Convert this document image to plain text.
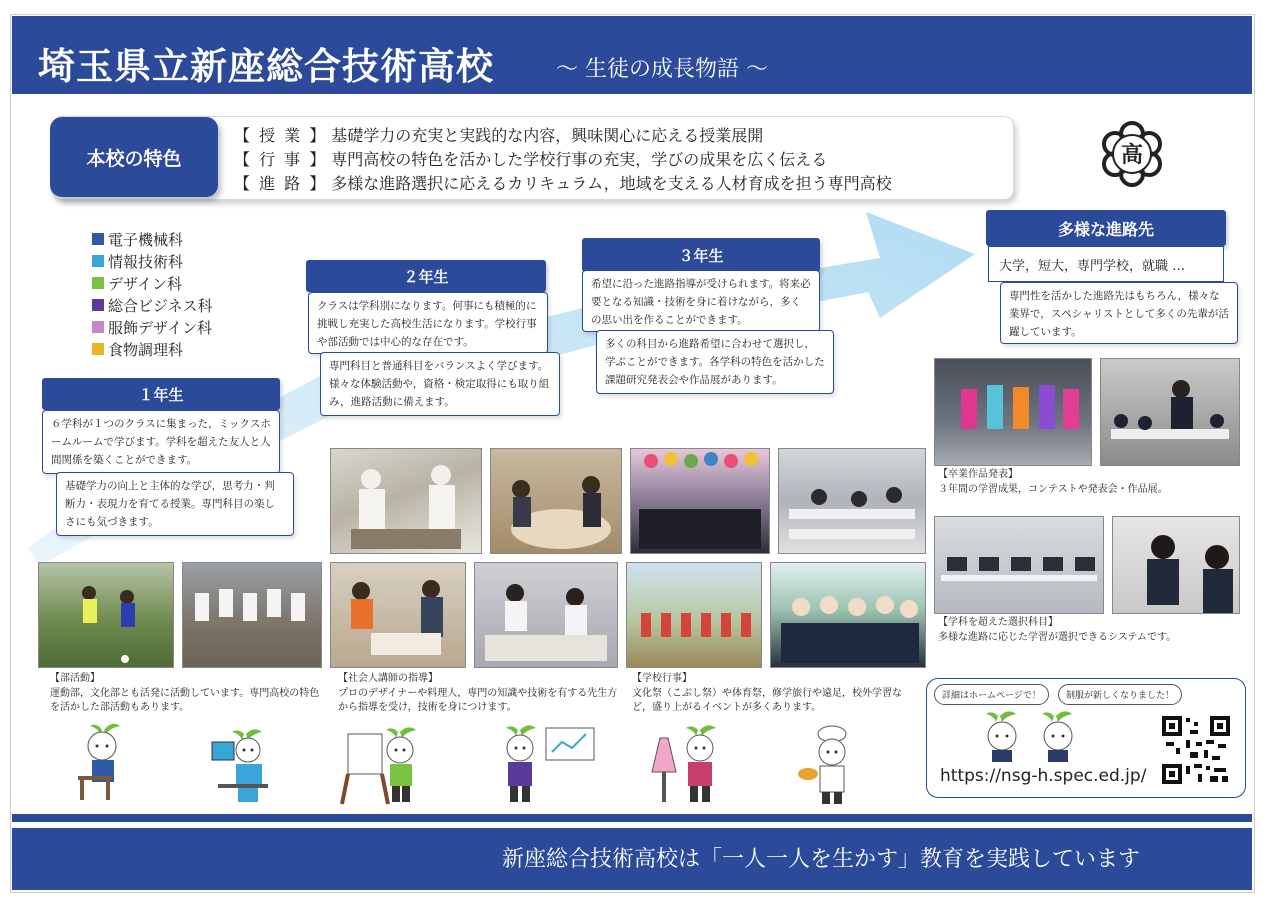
埼玉県立新座総合技術高校	～ 生徒の成長物語 ～
本校の特色
【 授 業 】 基礎学力の充実と実践的な内容，興味関心に応える授業展開
【 行 事 】 専門高校の特色を活かした学校行事の充実，学びの成果を広く伝える
【 進 路 】 多様な進路選択に応えるカリキュラム，地域を支える人材育成を担う専門高校
高
電子機械科
情報技術科
デザイン科
総合ビジネス科
服飾デザイン科
食物調理科
１年生
６学科が１つのクラスに集まった，ミックスホームルームで学びます。学科を超えた友人と人間関係を築くことができます。
基礎学力の向上と主体的な学び，思考力・判断力・表現力を育てる授業。専門科目の楽しさにも気づきます。
２年生
クラスは学科別になります。何事にも積極的に挑戦し充実した高校生活になります。学校行事や部活動では中心的な存在です。
専門科目と普通科目をバランスよく学びます。様々な体験活動や，資格・検定取得にも取り組み，進路活動に備えます。
３年生
希望に沿った進路指導が受けられます。将来必要となる知識・技術を身に着けながら，多くの思い出を作ることができます。
多くの科目から進路希望に合わせて選択し，学ぶことができます。各学科の特色を活かした課題研究発表会や作品展があります。
多様な進路先
大学，短大，専門学校，就職 …
専門性を活かした進路先はもちろん，様々な業界で，スペシャリストとして多くの先輩が活躍しています。
【部活動】
運動部，文化部とも活発に活動しています。専門高校の特色を活かした部活動もあります。
【社会人講師の指導】
プロのデザイナーや料理人，専門の知識や技術を有する先生方から指導を受け，技術を身につけます。
【学校行事】
文化祭（こぶし祭）や体育祭，修学旅行や遠足，校外学習など，盛り上がるイベントが多くあります。
【卒業作品発表】
３年間の学習成果，コンテストや発表会・作品展。
【学科を超えた選択科目】
多様な進路に応じた学習が選択できるシステムです。
詳細はホームページで！	制服が新しくなりました！
https://nsg-h.spec.ed.jp/
新座総合技術高校は「一人一人を生かす」教育を実践しています
